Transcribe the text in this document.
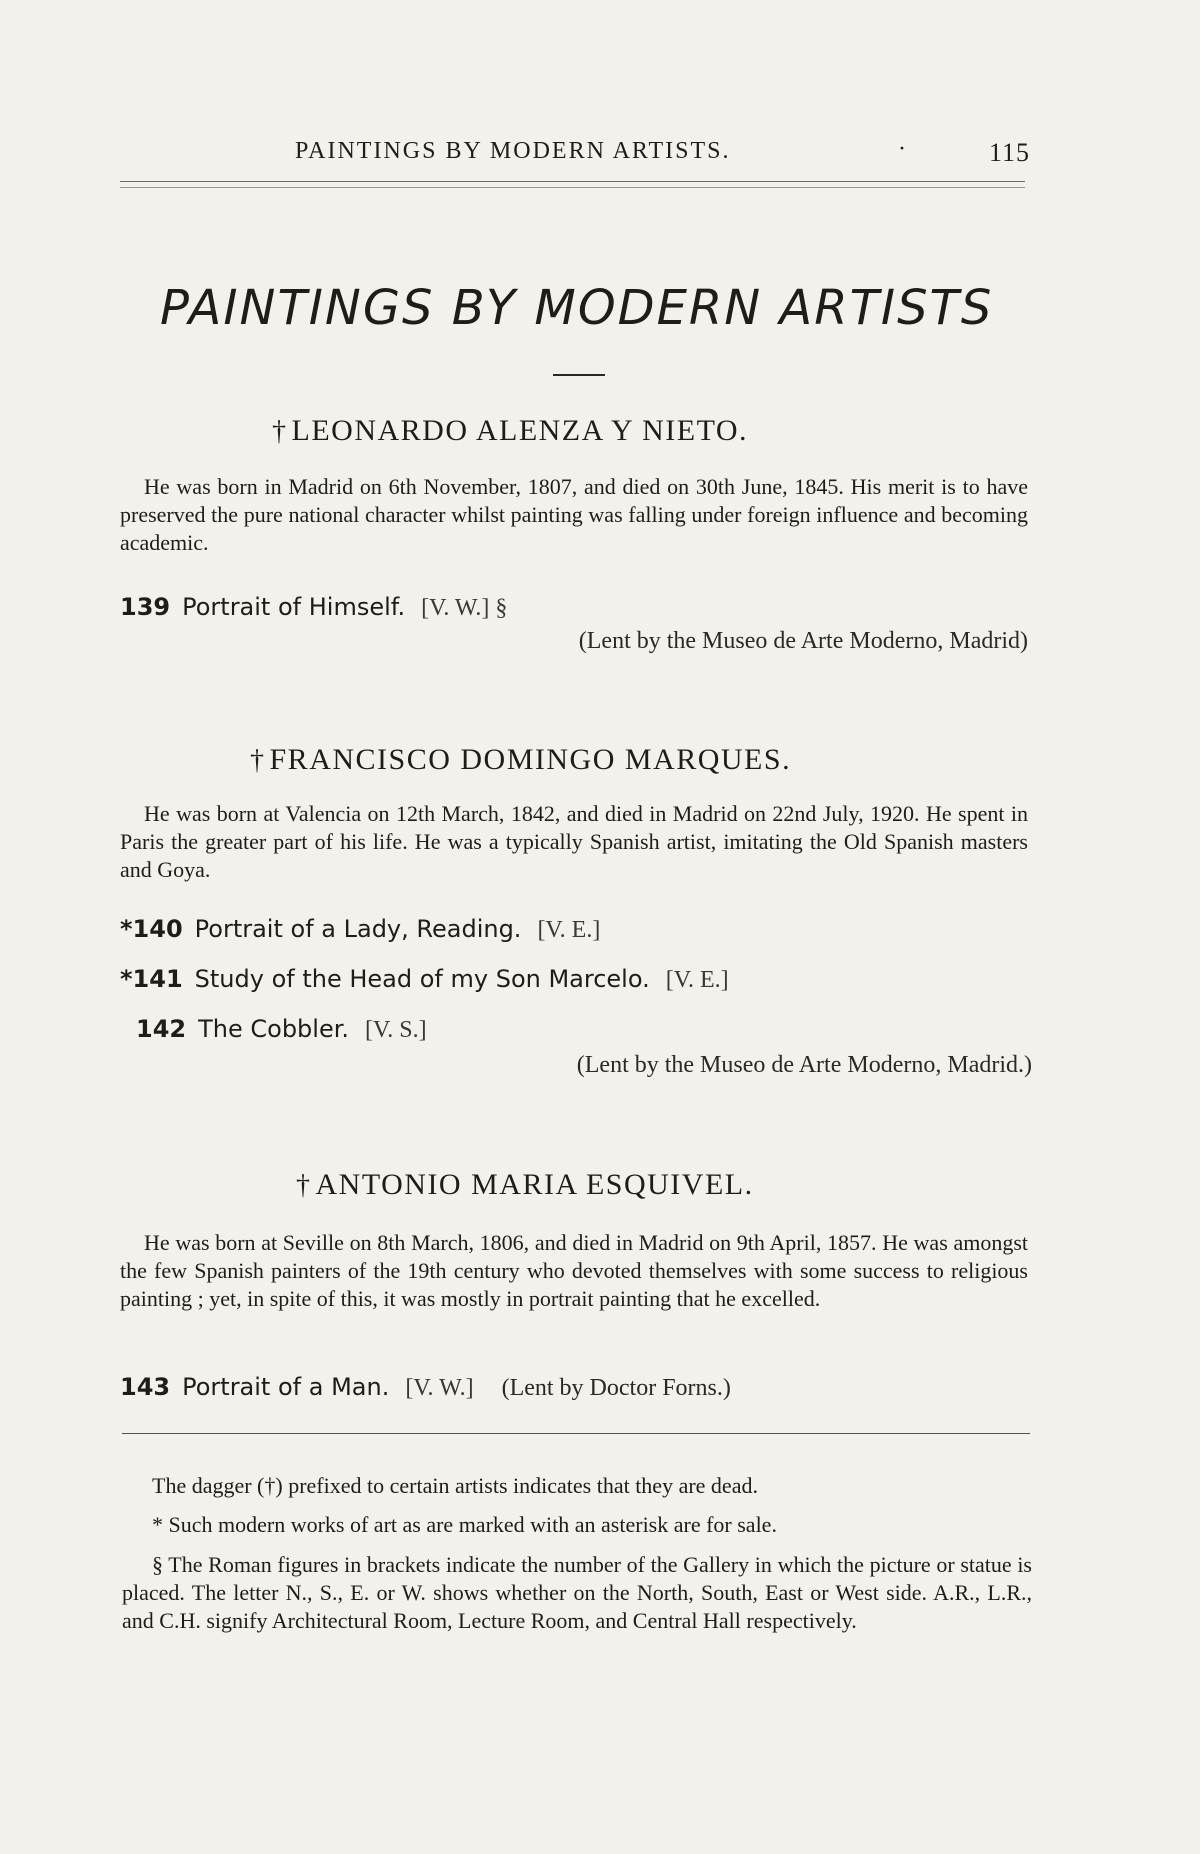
PAINTINGS BY MODERN ARTISTS.	·	115
PAINTINGS BY MODERN ARTISTS
† LEONARDO ALENZA Y NIETO.
He was born in Madrid on 6th November, 1807, and died on 30th June, 1845. His merit is to have preserved the pure national character whilst painting was falling under foreign influence and becoming academic.
139 Portrait of Himself. [V. W.] §
(Lent by the Museo de Arte Moderno, Madrid)
† FRANCISCO DOMINGO MARQUES.
He was born at Valencia on 12th March, 1842, and died in Madrid on 22nd July, 1920. He spent in Paris the greater part of his life. He was a typically Spanish artist, imitating the Old Spanish masters and Goya.
*140 Portrait of a Lady, Reading. [V. E.]
*141 Study of the Head of my Son Marcelo. [V. E.]
142 The Cobbler. [V. S.]
(Lent by the Museo de Arte Moderno, Madrid.)
† ANTONIO MARIA ESQUIVEL.
He was born at Seville on 8th March, 1806, and died in Madrid on 9th April, 1857. He was amongst the few Spanish painters of the 19th century who devoted themselves with some success to religious painting ; yet, in spite of this, it was mostly in portrait painting that he excelled.
143 Portrait of a Man. [V. W.] (Lent by Doctor Forns.)
The dagger (†) prefixed to certain artists indicates that they are dead.
* Such modern works of art as are marked with an asterisk are for sale.
§ The Roman figures in brackets indicate the number of the Gallery in which the picture or statue is placed. The letter N., S., E. or W. shows whether on the North, South, East or West side. A.R., L.R., and C.H. signify Architectural Room, Lecture Room, and Central Hall respectively.
